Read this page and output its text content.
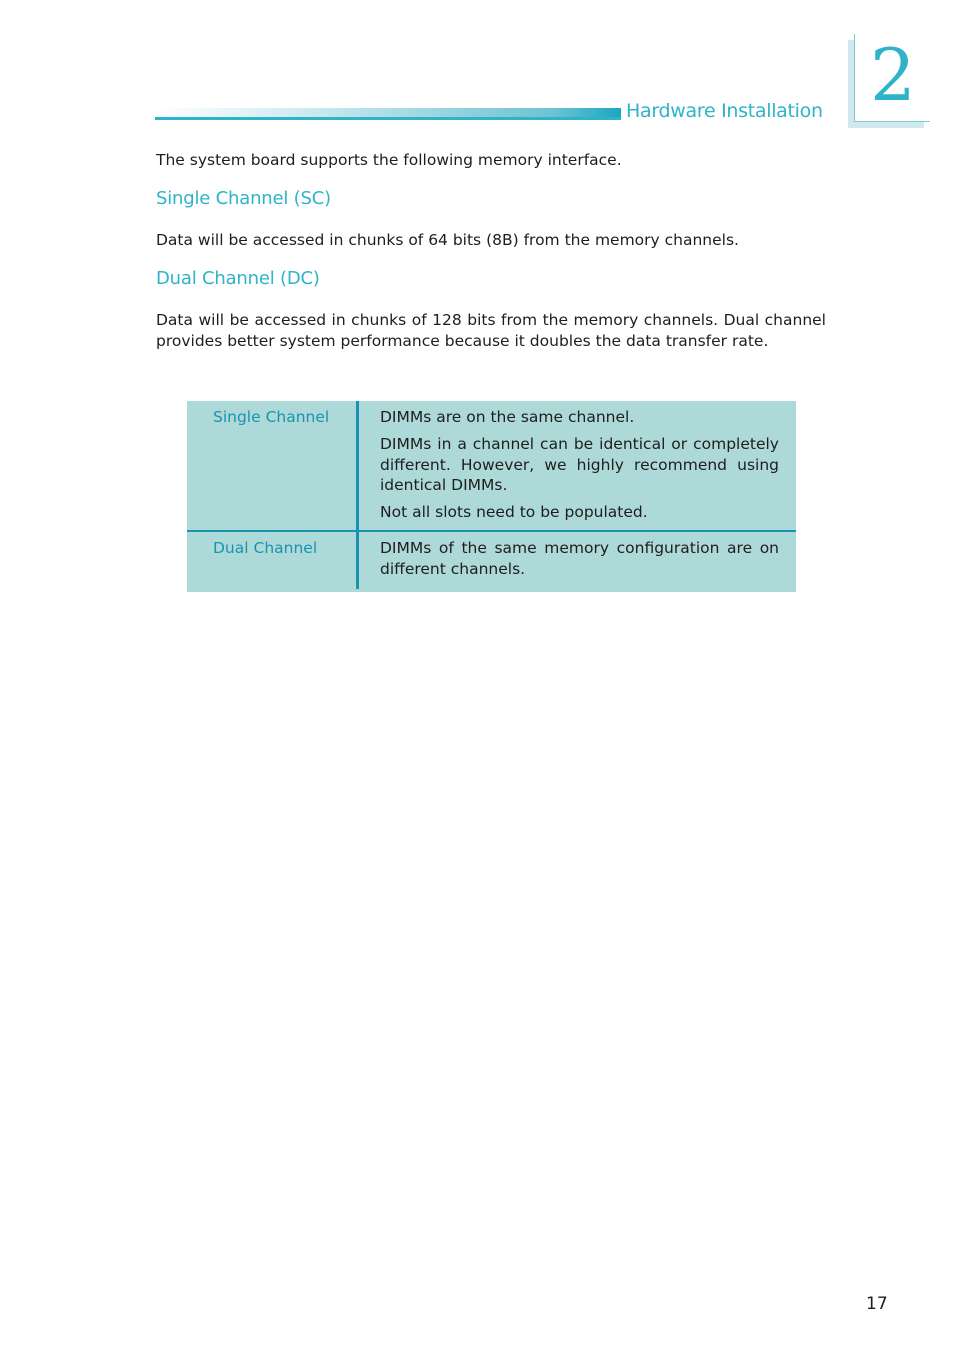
Hardware Installation 2

The system board supports the following memory interface.

Single Channel (SC)

Data will be accessed in chunks of 64 bits (8B) from the memory channels.

Dual Channel (DC)

Data will be accessed in chunks of 128 bits from the memory channels. Dual channel provides better system performance because it doubles the data transfer rate.

Single Channel	DIMMs are on the same channel.

DIMMs in a channel can be identical or completely different. However, we highly recommend using identical DIMMs.

Not all slots need to be populated.

Dual Channel	DIMMs of the same memory configuration are on different channels.

17
